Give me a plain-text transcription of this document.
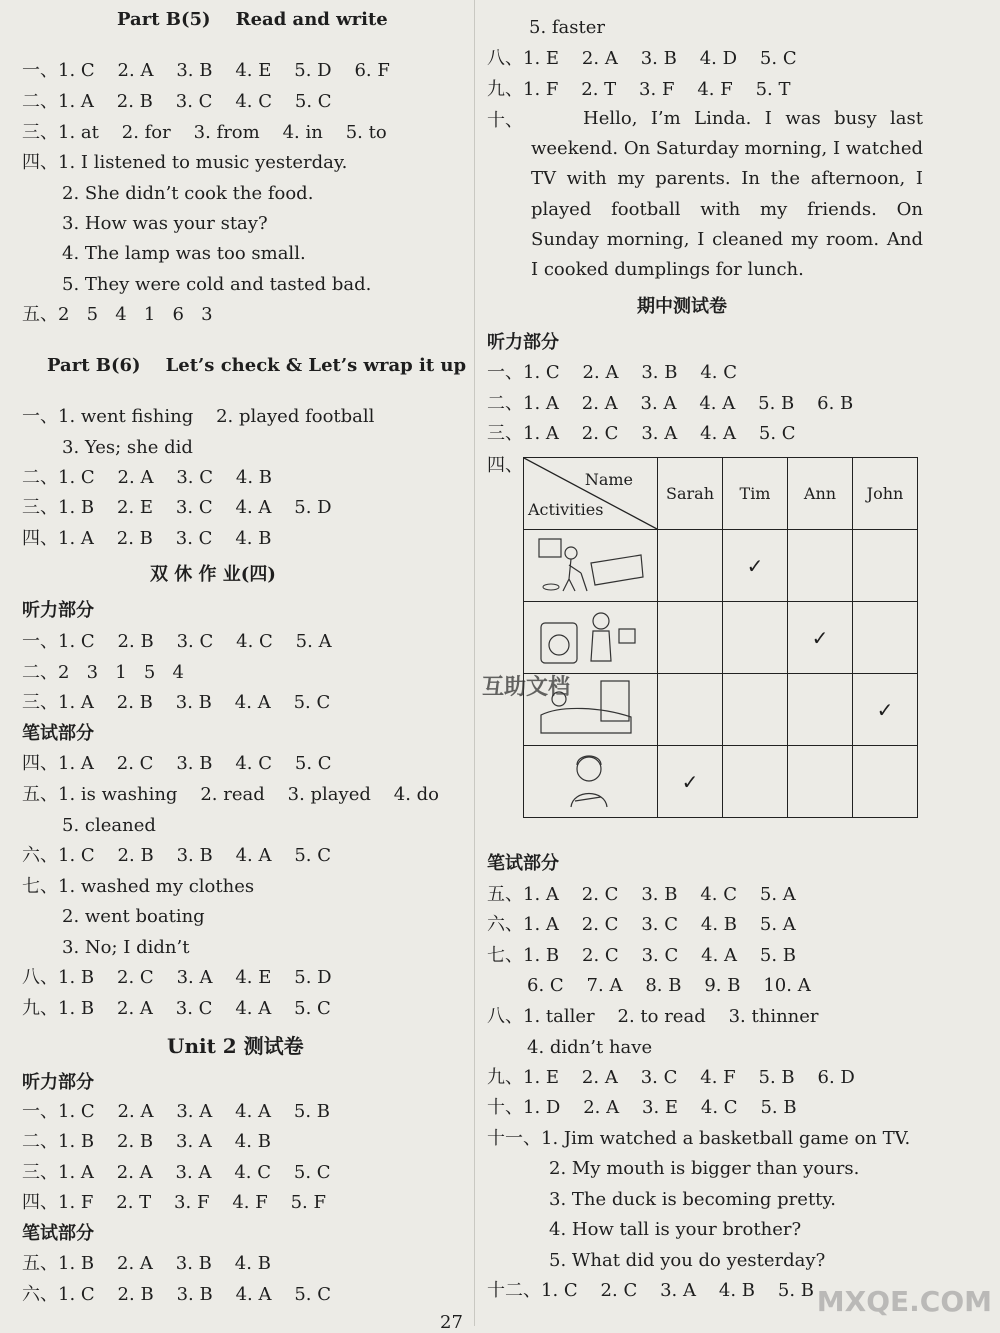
Part B(5)    Read and write
一、1. C    2. A    3. B    4. E    5. D    6. F
二、1. A    2. B    3. C    4. C    5. C
三、1. at    2. for    3. from    4. in    5. to
四、1. I listened to music yesterday.
2. She didn’t cook the food.
3. How was your stay?
4. The lamp was too small.
5. They were cold and tasted bad.
五、2   5   4   1   6   3
Part B(6)    Let’s check & Let’s wrap it up
一、1. went fishing    2. played football
3. Yes; she did
二、1. C    2. A    3. C    4. B
三、1. B    2. E    3. C    4. A    5. D
四、1. A    2. B    3. C    4. B
双 休 作 业(四)
听力部分
一、1. C    2. B    3. C    4. C    5. A
二、2   3   1   5   4
三、1. A    2. B    3. B    4. A    5. C
笔试部分
四、1. A    2. C    3. B    4. C    5. C
五、1. is washing    2. read    3. played    4. do
5. cleaned
六、1. C    2. B    3. B    4. A    5. C
七、1. washed my clothes
2. went boating
3. No; I didn’t
八、1. B    2. C    3. A    4. E    5. D
九、1. B    2. A    3. C    4. A    5. C
Unit 2 测试卷
听力部分
一、1. C    2. A    3. A    4. A    5. B
二、1. B    2. B    3. A    4. B
三、1. A    2. A    3. A    4. C    5. C
四、1. F    2. T    3. F    4. F    5. F
笔试部分
五、1. B    2. A    3. B    4. B
六、1. C    2. B    3. B    4. A    5. C
5. faster
八、1. E    2. A    3. B    4. D    5. C
九、1. F    2. T    3. F    4. F    5. T
十、	Hello, I’m Linda. I was busy last weekend. On Saturday morning, I watched TV with my parents. In the afternoon, I played football with my friends. On Sunday morning, I cleaned my room. And I cooked dumplings for lunch.
期中测试卷
听力部分
一、1. C    2. A    3. B    4. C
二、1. A    2. A    3. A    4. A    5. B    6. B
三、1. A    2. C    3. A    4. A    5. C
四、
Name
Activities	Sarah	Tim	Ann	John
		✓		
			✓	
				✓
	✓			
笔试部分
五、1. A    2. C    3. B    4. C    5. A
六、1. A    2. C    3. C    4. B    5. A
七、1. B    2. C    3. C    4. A    5. B
6. C    7. A    8. B    9. B    10. A
八、1. taller    2. to read    3. thinner
4. didn’t have
九、1. E    2. A    3. C    4. F    5. B    6. D
十、1. D    2. A    3. E    4. C    5. B
十一、1. Jim watched a basketball game on TV.
2. My mouth is bigger than yours.
3. The duck is becoming pretty.
4. How tall is your brother?
5. What did you do yesterday?
十二、1. C    2. C    3. A    4. B    5. B
互助文档
27
MXQE.COM
